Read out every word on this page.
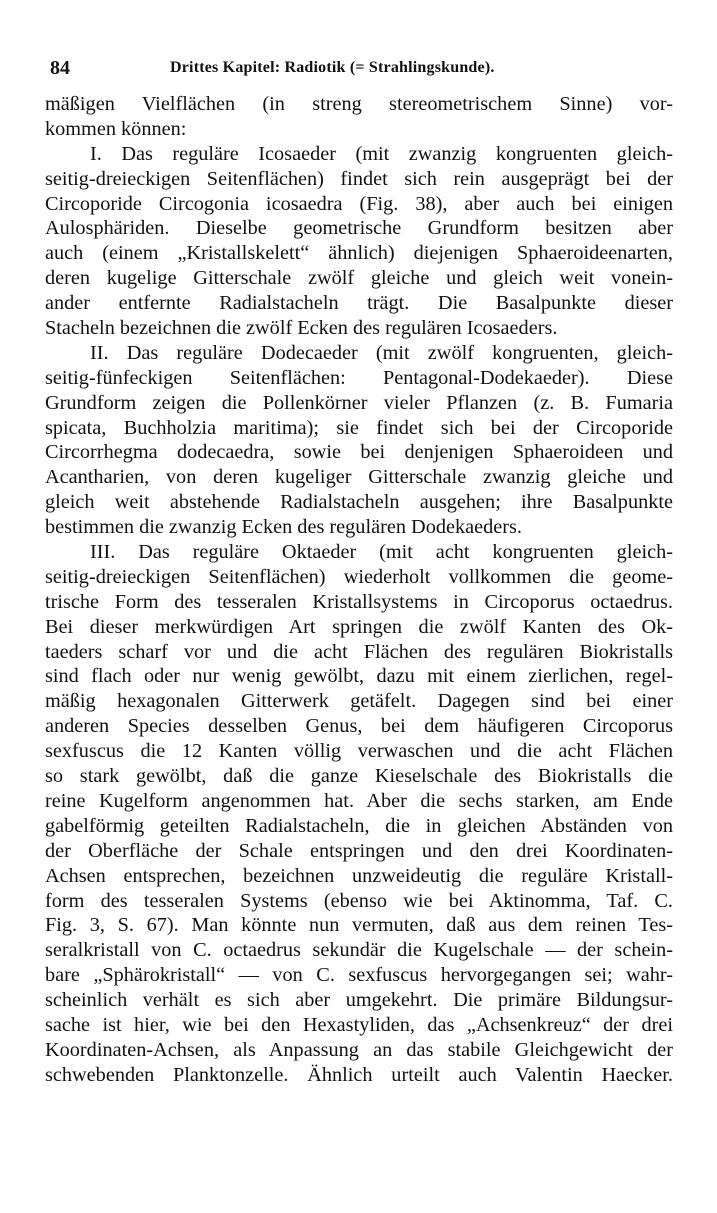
84	Drittes Kapitel: Radiotik (= Strahlingskunde).
mäßigen Vielflächen (in streng stereometrischem Sinne) vor-
kommen können:
I. Das reguläre Icosaeder (mit zwanzig kongruenten gleich-
seitig-dreieckigen Seitenflächen) findet sich rein ausgeprägt bei der
Circoporide Circogonia icosaedra (Fig. 38), aber auch bei einigen
Aulosphäriden. Dieselbe geometrische Grundform besitzen aber
auch (einem „Kristallskelett“ ähnlich) diejenigen Sphaeroideenarten,
deren kugelige Gitterschale zwölf gleiche und gleich weit vonein-
ander entfernte Radialstacheln trägt. Die Basalpunkte dieser
Stacheln bezeichnen die zwölf Ecken des regulären Icosaeders.
II. Das reguläre Dodecaeder (mit zwölf kongruenten, gleich-
seitig-fünfeckigen Seitenflächen: Pentagonal-Dodekaeder). Diese
Grundform zeigen die Pollenkörner vieler Pflanzen (z. B. Fumaria
spicata, Buchholzia maritima); sie findet sich bei der Circoporide
Circorrhegma dodecaedra, sowie bei denjenigen Sphaeroideen und
Acantharien, von deren kugeliger Gitterschale zwanzig gleiche und
gleich weit abstehende Radialstacheln ausgehen; ihre Basalpunkte
bestimmen die zwanzig Ecken des regulären Dodekaeders.
III. Das reguläre Oktaeder (mit acht kongruenten gleich-
seitig-dreieckigen Seitenflächen) wiederholt vollkommen die geome-
trische Form des tesseralen Kristallsystems in Circoporus octaedrus.
Bei dieser merkwürdigen Art springen die zwölf Kanten des Ok-
taeders scharf vor und die acht Flächen des regulären Biokristalls
sind flach oder nur wenig gewölbt, dazu mit einem zierlichen, regel-
mäßig hexagonalen Gitterwerk getäfelt. Dagegen sind bei einer
anderen Species desselben Genus, bei dem häufigeren Circoporus
sexfuscus die 12 Kanten völlig verwaschen und die acht Flächen
so stark gewölbt, daß die ganze Kieselschale des Biokristalls die
reine Kugelform angenommen hat. Aber die sechs starken, am Ende
gabelförmig geteilten Radialstacheln, die in gleichen Abständen von
der Oberfläche der Schale entspringen und den drei Koordinaten-
Achsen entsprechen, bezeichnen unzweideutig die reguläre Kristall-
form des tesseralen Systems (ebenso wie bei Aktinomma, Taf. C.
Fig. 3, S. 67). Man könnte nun vermuten, daß aus dem reinen Tes-
seralkristall von C. octaedrus sekundär die Kugelschale — der schein-
bare „Sphärokristall“ — von C. sexfuscus hervorgegangen sei; wahr-
scheinlich verhält es sich aber umgekehrt. Die primäre Bildungsur-
sache ist hier, wie bei den Hexastyliden, das „Achsenkreuz“ der drei
Koordinaten-Achsen, als Anpassung an das stabile Gleichgewicht der
schwebenden Planktonzelle. Ähnlich urteilt auch Valentin Haecker.
